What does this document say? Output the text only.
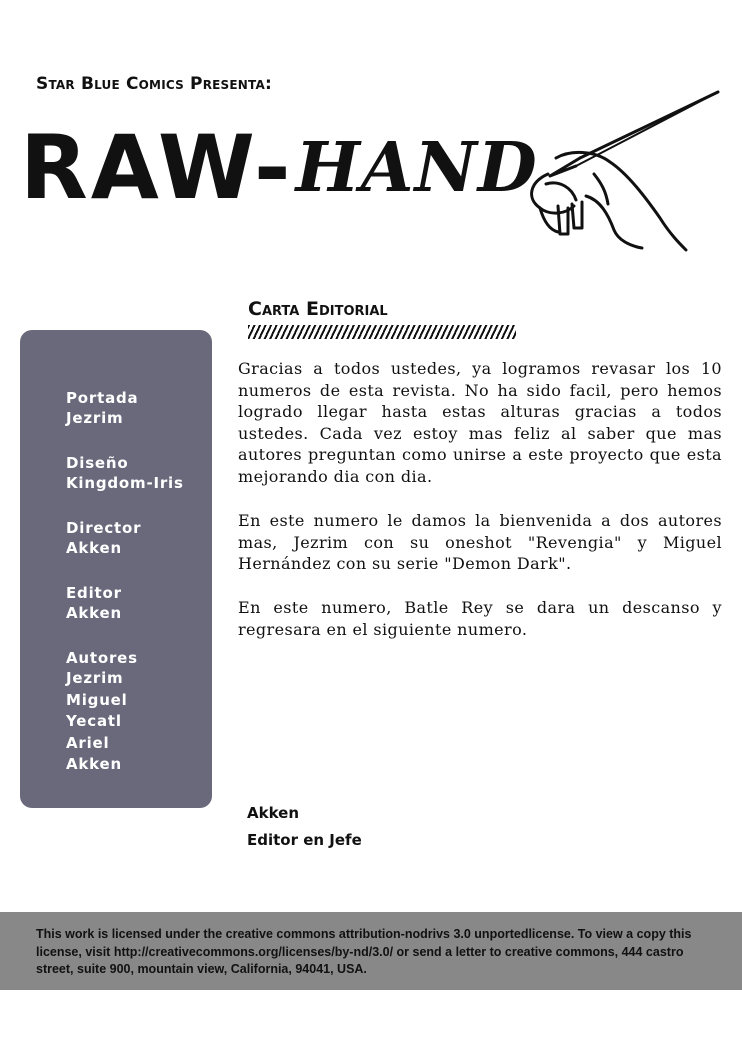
Star Blue Comics Presenta:
RAW-HAND
Carta Editorial
Portada
Jezrim
Diseño
Kingdom-Iris
Director
Akken
Editor
Akken
Autores
Jezrim
Miguel
Yecatl
Ariel
Akken

Gracias a todos ustedes, ya logramos revasar los 10 numeros de esta revista. No ha sido facil, pero hemos logrado llegar hasta estas alturas gracias a todos ustedes. Cada vez estoy mas feliz al saber que mas autores preguntan como unirse a este proyecto que esta mejorando dia con dia.

En este numero le damos la bienvenida a dos autores mas, Jezrim con su oneshot "Revengia" y Miguel Hernández con su serie "Demon Dark".

En este numero, Batle Rey se dara un descanso y regresara en el siguiente numero.

Akken
Editor en Jefe

This work is licensed under the creative commons attribution-nodrivs 3.0 unportedlicense. To view a copy this license, visit http://creativecommons.org/licenses/by-nd/3.0/ or send a letter to creative commons, 444 castro street, suite 900, mountain view, California, 94041, USA.
